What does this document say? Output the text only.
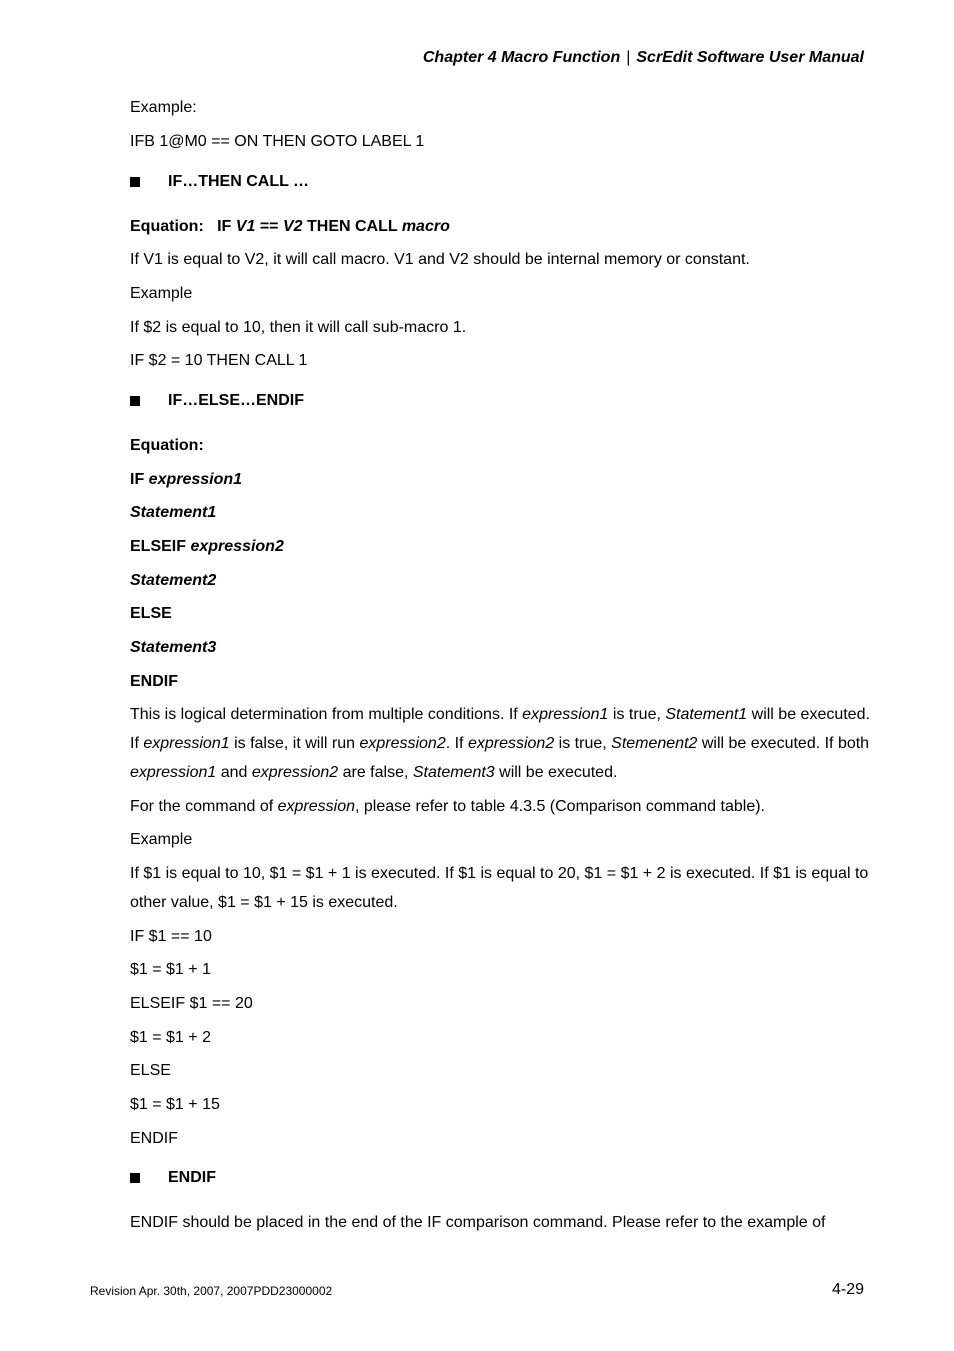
Chapter 4 Macro Function | ScrEdit Software User Manual
Example:
IFB 1@M0 == ON THEN GOTO LABEL 1
IF…THEN CALL …
Equation: IF V1 == V2 THEN CALL macro
If V1 is equal to V2, it will call macro. V1 and V2 should be internal memory or constant.
Example
If $2 is equal to 10, then it will call sub-macro 1.
IF $2 = 10 THEN CALL 1
IF…ELSE…ENDIF
Equation:
IF expression1
Statement1
ELSEIF expression2
Statement2
ELSE
Statement3
ENDIF
This is logical determination from multiple conditions. If expression1 is true, Statement1 will be executed. If expression1 is false, it will run expression2. If expression2 is true, Stemenent2 will be executed. If both expression1 and expression2 are false, Statement3 will be executed.
For the command of expression, please refer to table 4.3.5 (Comparison command table).
Example
If $1 is equal to 10, $1 = $1 + 1 is executed. If $1 is equal to 20, $1 = $1 + 2 is executed. If $1 is equal to other value, $1 = $1 + 15 is executed.
IF $1 == 10
$1 = $1 + 1
ELSEIF $1 == 20
$1 = $1 + 2
ELSE
$1 = $1 + 15
ENDIF
ENDIF
ENDIF should be placed in the end of the IF comparison command. Please refer to the example of
Revision Apr. 30th, 2007, 2007PDD23000002	4-29
